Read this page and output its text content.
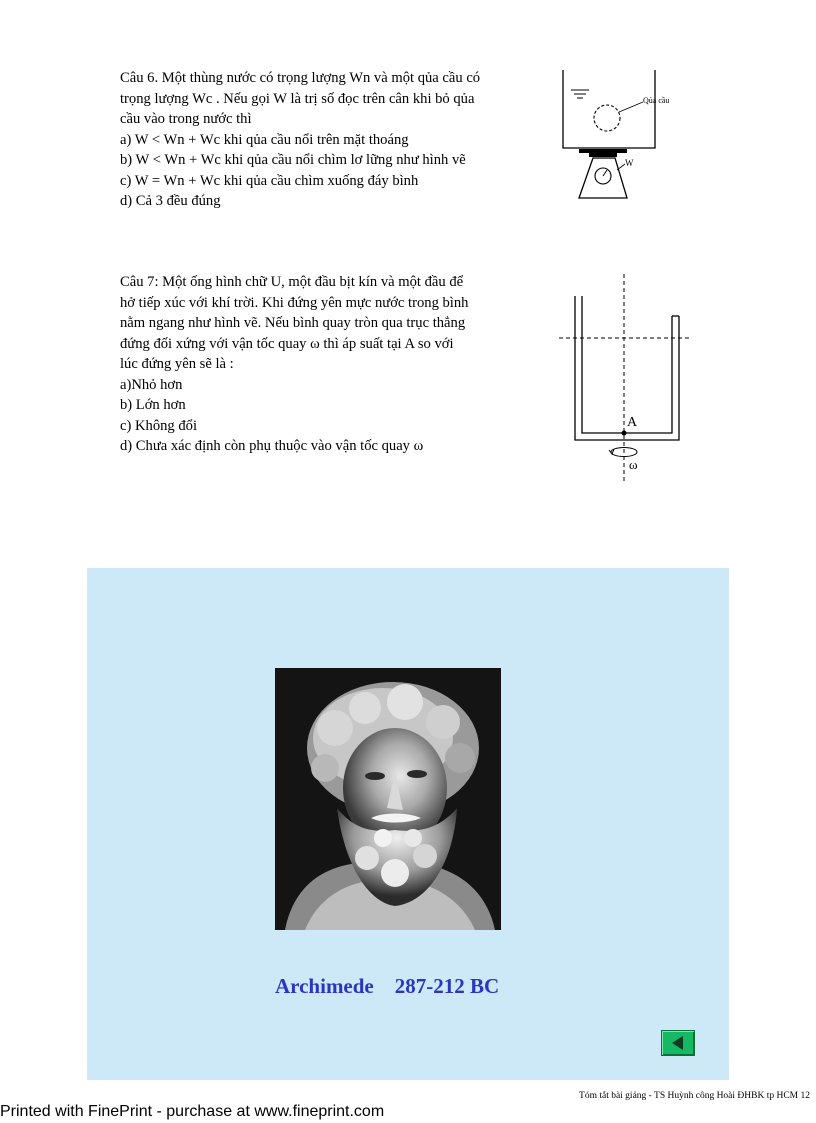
Câu 6. Một thùng nước có trọng lượng Wn và một qủa cầu có
trọng lượng Wc . Nếu gọi W là trị số đọc trên cân khi bỏ qủa
cầu vào trong nước thì
a) W < Wn + Wc khi qủa cầu nổi trên mặt thoáng
b) W < Wn + Wc khi qủa cầu nổi chìm lơ lững như hình vẽ
c) W = Wn + Wc khi qủa cầu chìm xuống đáy bình
d) Cả 3 đều đúng
Qủa cầu
W
Câu 7: Một ống hình chữ U, một đầu bịt kín và một đầu để
hở tiếp xúc với khí trời. Khi đứng yên mực nước trong bình
nằm ngang như hình vẽ. Nếu bình quay tròn qua trục thẳng
đứng đối xứng với vận tốc quay ω thì áp suất tại A so với
lúc đứng yên sẽ là :
a)Nhỏ hơn
b) Lớn hơn
c) Không đổi
d) Chưa xác định còn phụ thuộc vào vận tốc quay ω
A
ω
Archimede    287-212 BC
Tóm tắt bài giảng - TS Huỳnh công Hoài ĐHBK tp HCM 12
Printed with FinePrint - purchase at www.fineprint.com
